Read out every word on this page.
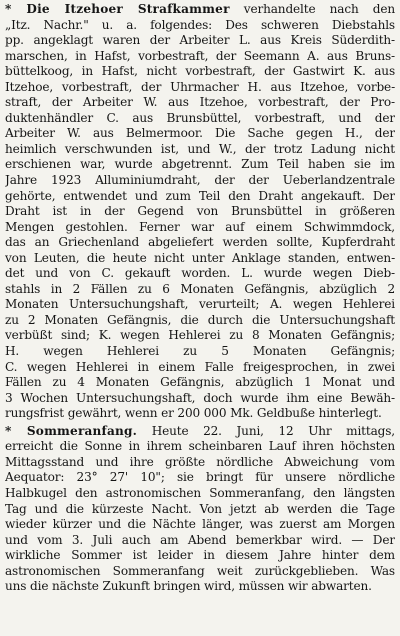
* Die Itzehoer Strafkammer verhandelte nach den
„Itz. Nachr." u. a. folgendes: Des schweren Diebstahls
pp. angeklagt waren der Arbeiter L. aus Kreis Süderdith-
marschen, in Hafst, vorbestraft, der Seemann A. aus Bruns-
büttelkoog, in Hafst, nicht vorbestraft, der Gastwirt K. aus
Itzehoe, vorbestraft, der Uhrmacher H. aus Itzehoe, vorbe-
straft, der Arbeiter W. aus Itzehoe, vorbestraft, der Pro-
duktenhändler C. aus Brunsbüttel, vorbestraft, und der
Arbeiter W. aus Belmermoor. Die Sache gegen H., der
heimlich verschwunden ist, und W., der trotz Ladung nicht
erschienen war, wurde abgetrennt. Zum Teil haben sie im
Jahre 1923 Alluminiumdraht, der der Ueberlandzentrale
gehörte, entwendet und zum Teil den Draht angekauft. Der
Draht ist in der Gegend von Brunsbüttel in größeren
Mengen gestohlen. Ferner war auf einem Schwimmdock,
das an Griechenland abgeliefert werden sollte, Kupferdraht
von Leuten, die heute nicht unter Anklage standen, entwen-
det und von C. gekauft worden. L. wurde wegen Dieb-
stahls in 2 Fällen zu 6 Monaten Gefängnis, abzüglich 2
Monaten Untersuchungshaft, verurteilt; A. wegen Hehlerei
zu 2 Monaten Gefängnis, die durch die Untersuchungshaft
verbüßt sind; K. wegen Hehlerei zu 8 Monaten Gefängnis;
H. wegen Hehlerei zu 5 Monaten Gefängnis;
C. wegen Hehlerei in einem Falle freigesprochen, in zwei
Fällen zu 4 Monaten Gefängnis, abzüglich 1 Monat und
3 Wochen Untersuchungshaft, doch wurde ihm eine Bewäh-
rungsfrist gewährt, wenn er 200 000 Mk. Geldbuße hinterlegt.
* Sommeranfang. Heute 22. Juni, 12 Uhr mittags,
erreicht die Sonne in ihrem scheinbaren Lauf ihren höchsten
Mittagsstand und ihre größte nördliche Abweichung vom
Aequator: 23° 27' 10"; sie bringt für unsere nördliche
Halbkugel den astronomischen Sommeranfang, den längsten
Tag und die kürzeste Nacht. Von jetzt ab werden die Tage
wieder kürzer und die Nächte länger, was zuerst am Morgen
und vom 3. Juli auch am Abend bemerkbar wird. — Der
wirkliche Sommer ist leider in diesem Jahre hinter dem
astronomischen Sommeranfang weit zurückgeblieben. Was
uns die nächste Zukunft bringen wird, müssen wir abwarten.
